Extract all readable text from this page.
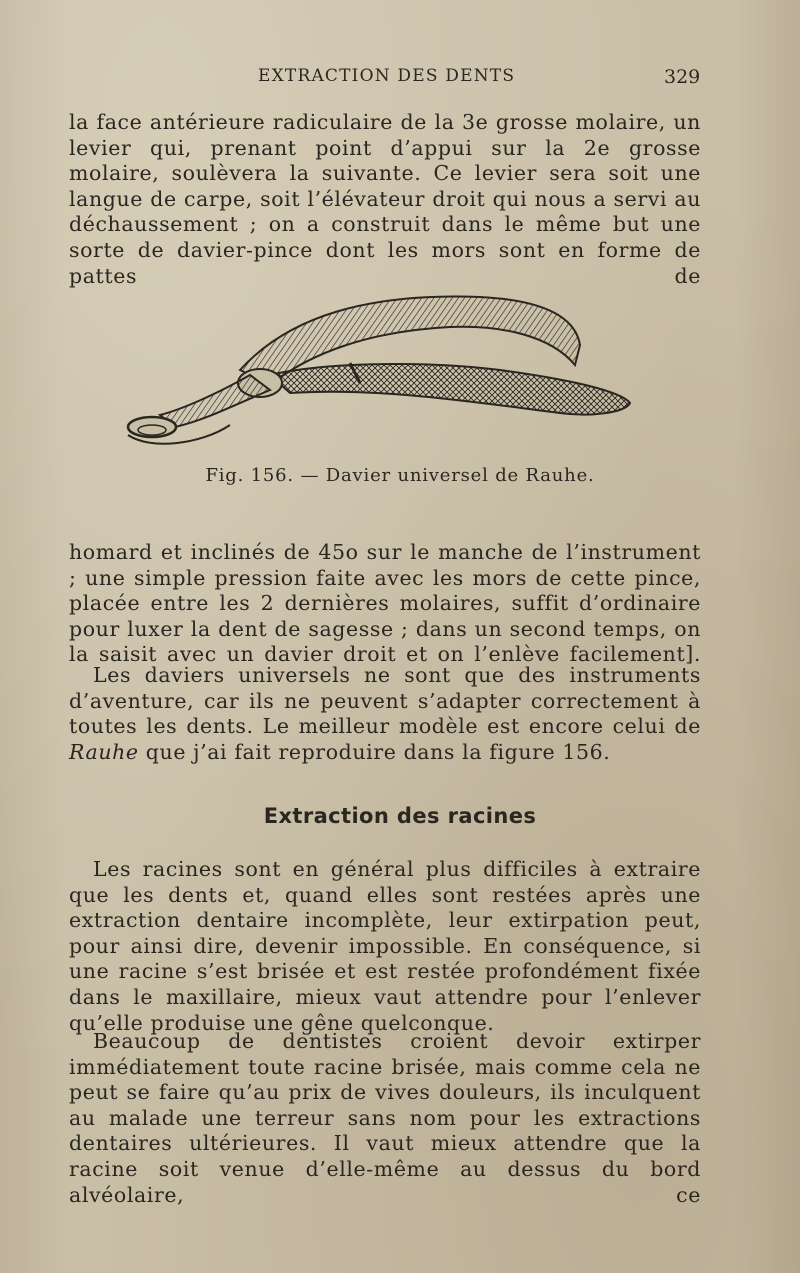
EXTRACTION DES DENTS	329

la face antérieure radiculaire de la 3e grosse molaire, un levier qui, prenant point d’appui sur la 2e grosse molaire, soulèvera la suivante. Ce levier sera soit une langue de carpe, soit l’élévateur droit qui nous a servi au déchaussement ; on a construit dans le même but une sorte de davier-pince dont les mors sont en forme de pattes de

Fig. 156. — Davier universel de Rauhe.

homard et inclinés de 45o sur le manche de l’instrument ; une simple pression faite avec les mors de cette pince, placée entre les 2 dernières molaires, suffit d’ordinaire pour luxer la dent de sagesse ; dans un second temps, on la saisit avec un davier droit et on l’enlève facilement].

Les daviers universels ne sont que des instruments d’aventure, car ils ne peuvent s’adapter correctement à toutes les dents. Le meilleur modèle est encore celui de Rauhe que j’ai fait reproduire dans la figure 156.

Extraction des racines

Les racines sont en général plus difficiles à extraire que les dents et, quand elles sont restées après une extraction dentaire incomplète, leur extirpation peut, pour ainsi dire, devenir impossible. En conséquence, si une racine s’est brisée et est restée profondément fixée dans le maxillaire, mieux vaut attendre pour l’enlever qu’elle produise une gêne quelconque.

Beaucoup de dentistes croient devoir extirper immédiatement toute racine brisée, mais comme cela ne peut se faire qu’au prix de vives douleurs, ils inculquent au malade une terreur sans nom pour les extractions dentaires ultérieures. Il vaut mieux attendre que la racine soit venue d’elle-même au dessus du bord alvéolaire, ce
